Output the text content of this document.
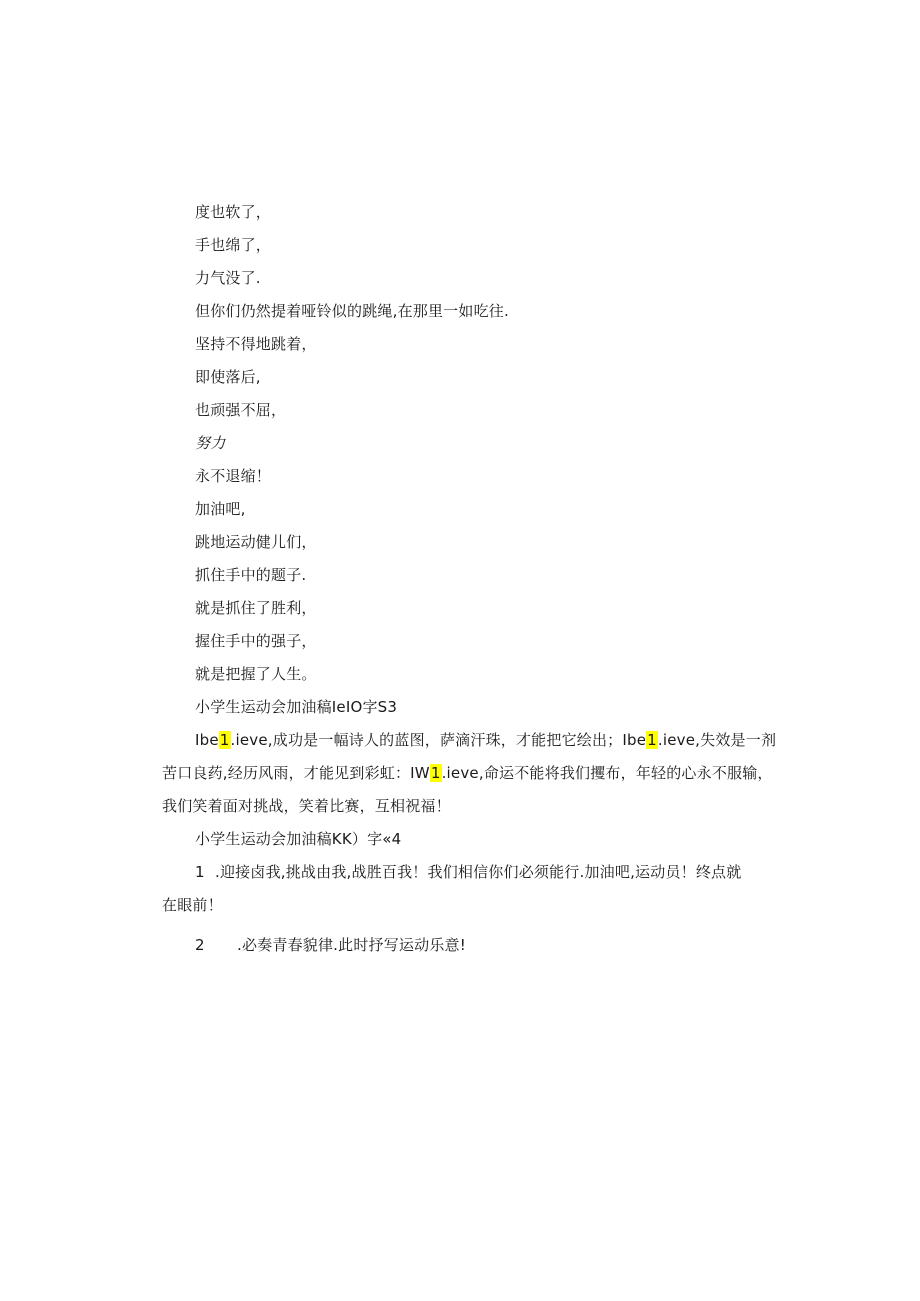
度也软了，
手也绵了，
力气没了.
但你们仍然提着哑铃似的跳绳,在那里一如吃往.
坚持不得地跳着，
即使落后,
也顽强不屈，
努力
永不退缩！
加油吧,
跳地运动健儿们，
抓住手中的题子.
就是抓住了胜利，
握住手中的强子，
就是把握了人生。
小学生运动会加油稿IeIO字S3
Ibe1.ieve,成功是一幅诗人的蓝图，萨滴汗珠，才能把它绘出；Ibe1.ieve,失效是一剂
苦口良药,经历风雨，才能见到彩虹：IW1.ieve,命运不能将我们攫布，年轻的心永不服输，
我们笑着面对挑战，笑着比赛，互相祝福！
小学生运动会加油稿KK）字«4
1 .迎接卤我,挑战由我,战胜百我！我们相信你们必须能行.加油吧,运动员！终点就
在眼前！
2 .必奏青春貌律.此时抒写运动乐意!
